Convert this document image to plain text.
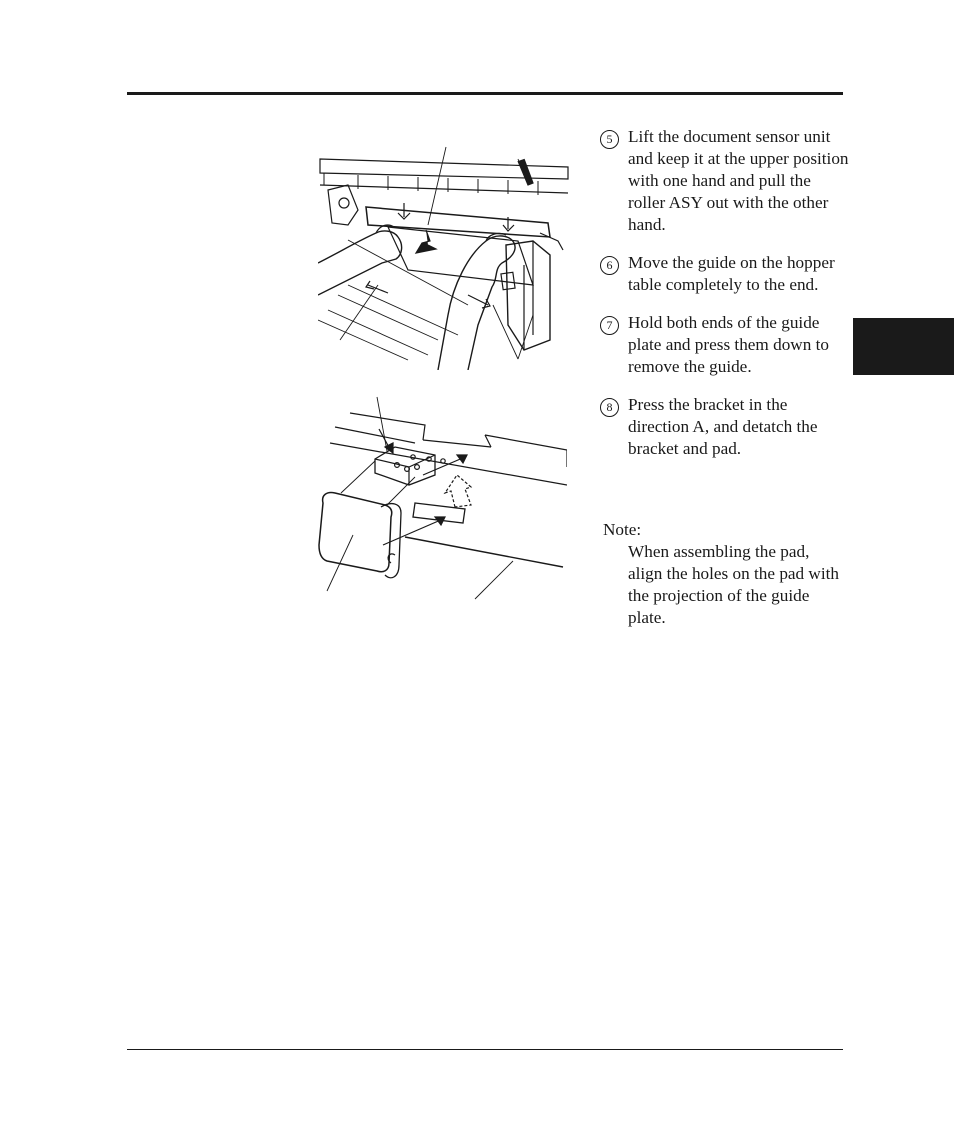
5 Lift the document sensor unit and keep it at the upper position with one hand and pull the roller ASY out with the other hand.
6 Move the guide on the hopper table completely to the end.
7 Hold both ends of the guide plate and press them down to remove the guide.
8 Press the bracket in the direction A, and detatch the bracket and pad.
Note:
When assembling the pad, align the holes on the pad with the projection of the guide plate.
